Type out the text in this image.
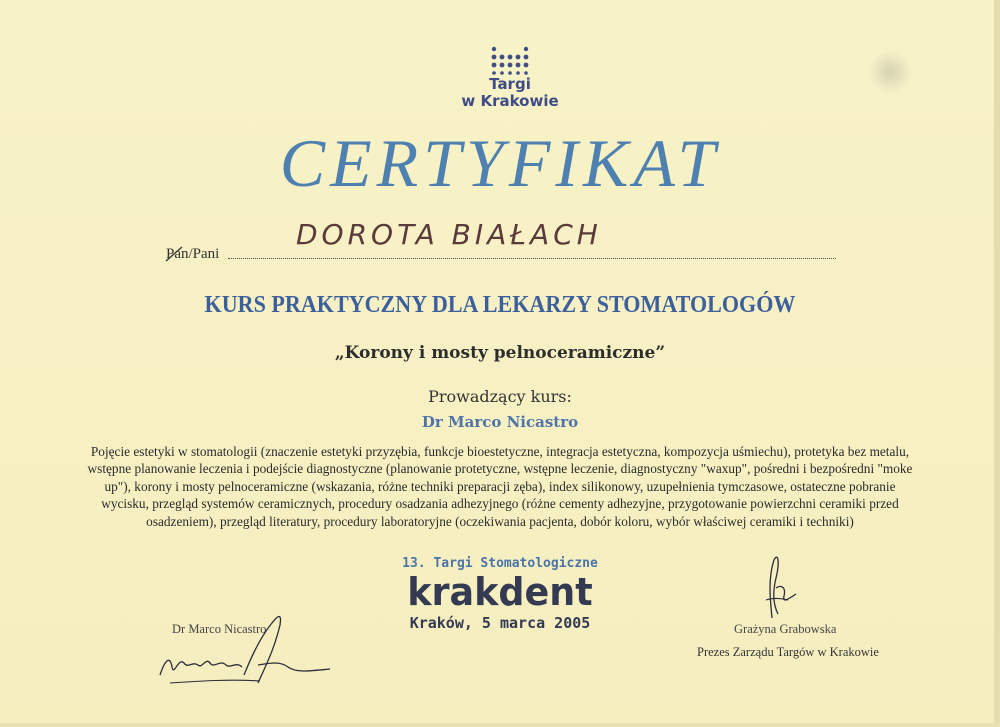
Targi
w Krakowie
CERTYFIKAT
Pan/Pani
DOROTA BIAŁACH
KURS PRAKTYCZNY DLA LEKARZY STOMATOLOGÓW
„Korony i mosty pelnoceramiczne”
Prowadzący kurs:
Dr Marco Nicastro
Pojęcie estetyki w stomatologii (znaczenie estetyki przyzębia, funkcje bioestetyczne, integracja estetyczna, kompozycja uśmiechu), protetyka bez metalu, wstępne planowanie leczenia i podejście diagnostyczne (planowanie protetyczne, wstępne leczenie, diagnostyczny "waxup", pośredni i bezpośredni "moke up"), korony i mosty pelnoceramiczne (wskazania, różne techniki preparacji zęba), index silikonowy, uzupełnienia tymczasowe, ostateczne pobranie wycisku, przegląd systemów ceramicznych, procedury osadzania adhezyjnego (różne cementy adhezyjne, przygotowanie powierzchni ceramiki przed osadzeniem), przegląd literatury, procedury laboratoryjne (oczekiwania pacjenta, dobór koloru, wybór właściwej ceramiki i techniki)
13. Targi Stomatologiczne
krakdent
Kraków, 5 marca 2005
Dr Marco Nicastro	Grażyna Grabowska
Prezes Zarządu Targów w Krakowie
